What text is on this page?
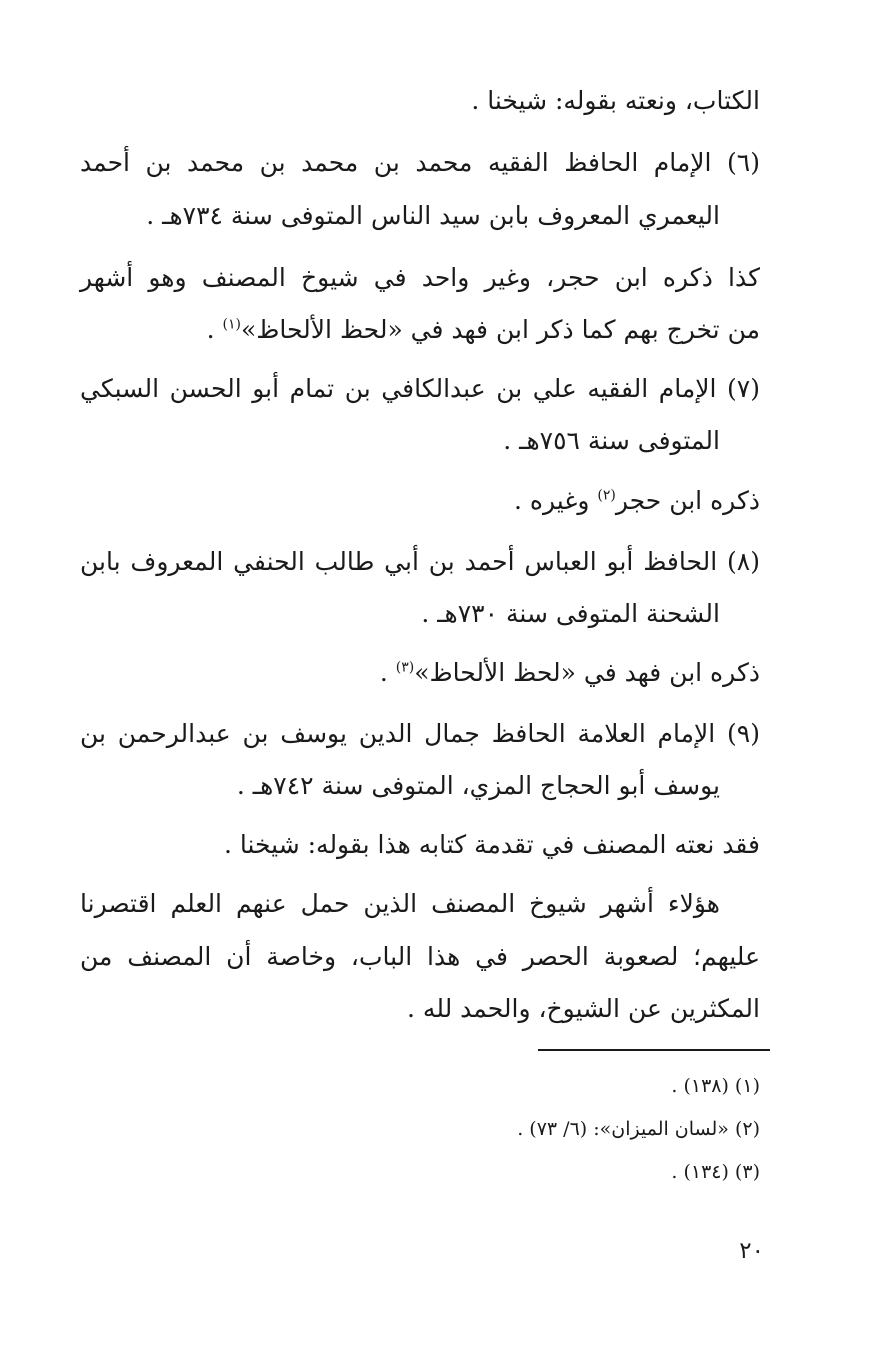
الكتاب، ونعته بقوله: شيخنا .
(٦) الإمام الحافظ الفقيه محمد بن محمد بن محمد بن أحمد
اليعمري المعروف بابن سيد الناس المتوفى سنة ٧٣٤هـ .
كذا ذكره ابن حجر، وغير واحد في شيوخ المصنف وهو أشهر
من تخرج بهم كما ذكر ابن فهد في «لحظ الألحاظ»$^{(١)}$ .
(٧) الإمام الفقيه علي بن عبدالكافي بن تمام أبو الحسن السبكي
المتوفى سنة ٧٥٦هـ .
ذكره ابن حجر$^{(٢)}$ وغيره .
(٨) الحافظ أبو العباس أحمد بن أبي طالب الحنفي المعروف بابن
الشحنة المتوفى سنة ٧٣٠هـ .
ذكره ابن فهد في «لحظ الألحاظ»$^{(٣)}$ .
(٩) الإمام العلامة الحافظ جمال الدين يوسف بن عبدالرحمن بن
يوسف أبو الحجاج المزي، المتوفى سنة ٧٤٢هـ .
فقد نعته المصنف في تقدمة كتابه هذا بقوله: شيخنا .
هؤلاء أشهر شيوخ المصنف الذين حمل عنهم العلم اقتصرنا
عليهم؛ لصعوبة الحصر في هذا الباب، وخاصة أن المصنف من
المكثرين عن الشيوخ، والحمد لله .
(١) (١٣٨) .
(٢) «لسان الميزان»: (٦/ ٧٣) .
(٣) (١٣٤) .
٢٠
